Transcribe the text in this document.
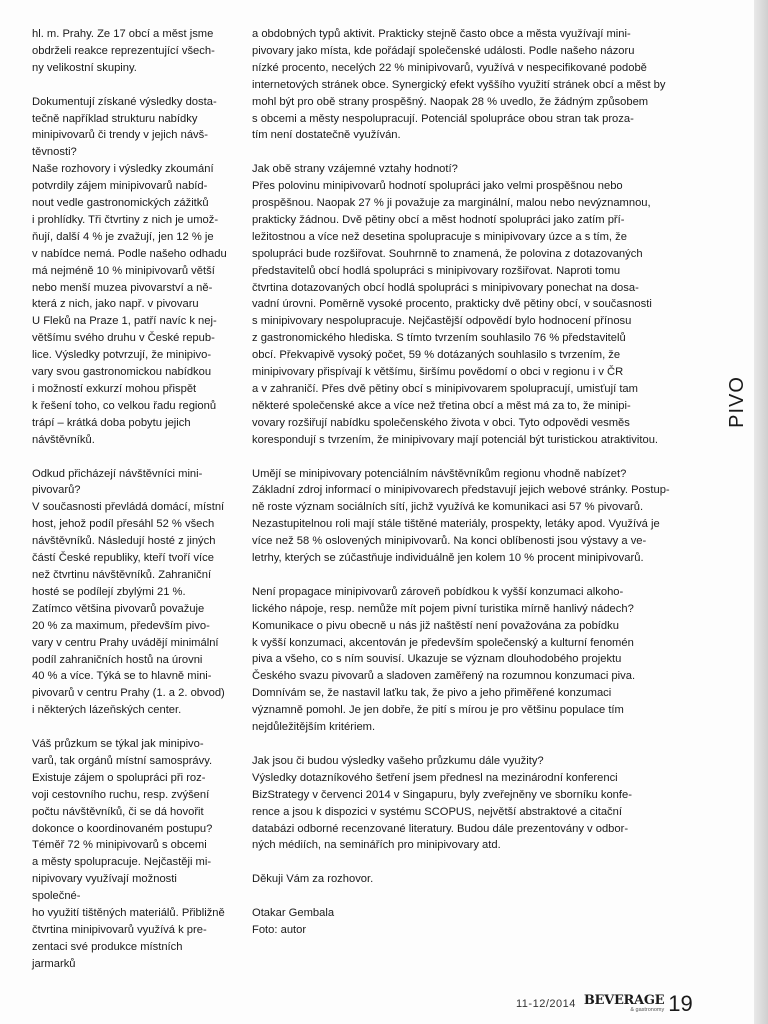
hl. m. Prahy. Ze 17 obcí a měst jsme

obdrželi reakce reprezentující všech-

ny velikostní skupiny.

Dokumentují získané výsledky dosta-

tečně například strukturu nabídky

minipivovarů či trendy v jejich návš-

těvnosti?

Naše rozhovory i výsledky zkoumání

potvrdily zájem minipivovarů nabíd-

nout vedle gastronomických zážitků

i prohlídky. Tři čtvrtiny z nich je umož-

ňují, další 4 % je zvažují, jen 12 % je

v nabídce nemá. Podle našeho odhadu

má nejméně 10 % minipivovarů větší

nebo menší muzea pivovarství a ně-

která z nich, jako např. v pivovaru

U Fleků na Praze 1, patří navíc k nej-

většímu svého druhu v České repub-

lice. Výsledky potvrzují, že minipivo-

vary svou gastronomickou nabídkou

i možností exkurzí mohou přispět

k řešení toho, co velkou řadu regionů

trápí – krátká doba pobytu jejich

návštěvníků.

Odkud přicházejí návštěvníci mini-

pivovarů?

V současnosti převládá domácí, místní

host, jehož podíl přesáhl 52 % všech

návštěvníků. Následují hosté z jiných

částí České republiky, kteří tvoří více

než čtvrtinu návštěvníků. Zahraniční

hosté se podílejí zbylými 21 %.

Zatímco většina pivovarů považuje

20 % za maximum, především pivo-

vary v centru Prahy uvádějí minimální

podíl zahraničních hostů na úrovni

40 % a více. Týká se to hlavně mini-

pivovarů v centru Prahy (1. a 2. obvod)

i některých lázeňských center.

Váš průzkum se týkal jak minipivo-

varů, tak orgánů místní samosprávy.

Existuje zájem o spolupráci při roz-

voji cestovního ruchu, resp. zvýšení

počtu návštěvníků, či se dá hovořit

dokonce o koordinovaném postupu?

Téměř 72 % minipivovarů s obcemi

a městy spolupracuje. Nejčastěji mi-

nipivovary využívají možnosti společné-

ho využití tištěných materiálů. Přibližně

čtvrtina minipivovarů využívá k pre-

zentaci své produkce místních jarmarků

a obdobných typů aktivit. Prakticky stejně často obce a města využívají mini-

pivovary jako místa, kde pořádají společenské události. Podle našeho názoru

nízké procento, necelých 22 % minipivovarů, využívá v nespecifikované podobě

internetových stránek obce. Synergický efekt vyššího využití stránek obcí a měst by

mohl být pro obě strany prospěšný. Naopak 28 % uvedlo, že žádným způsobem

s obcemi a městy nespolupracují. Potenciál spolupráce obou stran tak proza-

tím není dostatečně využíván.

Jak obě strany vzájemné vztahy hodnotí?

Přes polovinu minipivovarů hodnotí spolupráci jako velmi prospěšnou nebo

prospěšnou. Naopak 27 % ji považuje za marginální, malou nebo nevýznamnou,

prakticky žádnou. Dvě pětiny obcí a měst hodnotí spolupráci jako zatím pří-

ležitostnou a více než desetina spolupracuje s minipivovary úzce a s tím, že

spolupráci bude rozšiřovat. Souhrnně to znamená, že polovina z dotazovaných

představitelů obcí hodlá spolupráci s minipivovary rozšiřovat. Naproti tomu

čtvrtina dotazovaných obcí hodlá spolupráci s minipivovary ponechat na dosa-

vadní úrovni. Poměrně vysoké procento, prakticky dvě pětiny obcí, v současnosti

s minipivovary nespolupracuje. Nejčastější odpovědí bylo hodnocení přínosu

z gastronomického hlediska. S tímto tvrzením souhlasilo 76 % představitelů

obcí. Překvapivě vysoký počet, 59 % dotázaných souhlasilo s tvrzením, že

minipivovary přispívají k většímu, širšímu povědomí o obci v regionu i v ČR

a v zahraničí. Přes dvě pětiny obcí s minipivovarem spolupracují, umisťují tam

některé společenské akce a více než třetina obcí a měst má za to, že minipi-

vovary rozšiřují nabídku společenského života v obci. Tyto odpovědi vesměs

korespondují s tvrzením, že minipivovary mají potenciál být turistickou atraktivitou.

Umějí se minipivovary potenciálním návštěvníkům regionu vhodně nabízet?

Základní zdroj informací o minipivovarech představují jejich webové stránky. Postup-

ně roste význam sociálních sítí, jichž využívá ke komunikaci asi 57 % pivovarů.

Nezastupitelnou roli mají stále tištěné materiály, prospekty, letáky apod. Využívá je

více než 58 % oslovených minipivovarů. Na konci oblíbenosti jsou výstavy a ve-

letrhy, kterých se zúčastňuje individuálně jen kolem 10 % procent minipivovarů.

Není propagace minipivovarů zároveň pobídkou k vyšší konzumaci alkoho-

lického nápoje, resp. nemůže mít pojem pivní turistika mírně hanlivý nádech?

Komunikace o pivu obecně u nás již naštěstí není považována za pobídku

k vyšší konzumaci, akcentován je především společenský a kulturní fenomén

piva a všeho, co s ním souvisí. Ukazuje se význam dlouhodobého projektu

Českého svazu pivovarů a sladoven zaměřený na rozumnou konzumaci piva.

Domnívám se, že nastavil laťku tak, že pivo a jeho přiměřené konzumaci

významně pomohl. Je jen dobře, že pití s mírou je pro většinu populace tím

nejdůležitějším kritériem.

Jak jsou či budou výsledky vašeho průzkumu dále využity?

Výsledky dotazníkového šetření jsem přednesl na mezinárodní konferenci

BizStrategy v červenci 2014 v Singapuru, byly zveřejněny ve sborníku konfe-

rence a jsou k dispozici v systému SCOPUS, největší abstraktové a citační

databázi odborné recenzované literatury. Budou dále prezentovány v odbor-

ných médiích, na seminářích pro minipivovary atd.

Děkuji Vám za rozhovor.

Otakar Gembala

Foto: autor

PIVO
11-12/2014 BEVERAGE
& gastronomy 19
